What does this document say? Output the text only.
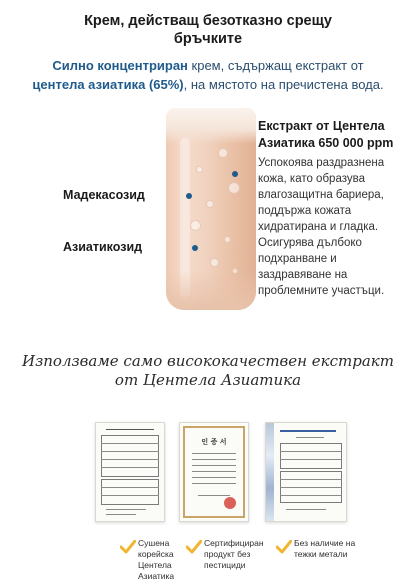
Крем, действащ безотказно срещу
бръчките
Силно концентриран крем, съдържащ екстракт от
центела азиатика (65%), на мястото на пречистена вода.
Мадекасозид
Азиатикозид
Екстракт от Центела Азиатика 650 000 ppm
Успокоява раздразнена кожа, като образува влагозащитна бариера, поддържа кожата хидратирана и гладка. Осигурява дълбоко подхранване и заздравяване на проблемните участъци.
Използваме само висококачествен екстракт
от Центела Азиатика
인 증 서
Сушена
корейска
Центела
Азиатика
Сертифициран
продукт без
пестициди
Без наличие на
тежки метали
